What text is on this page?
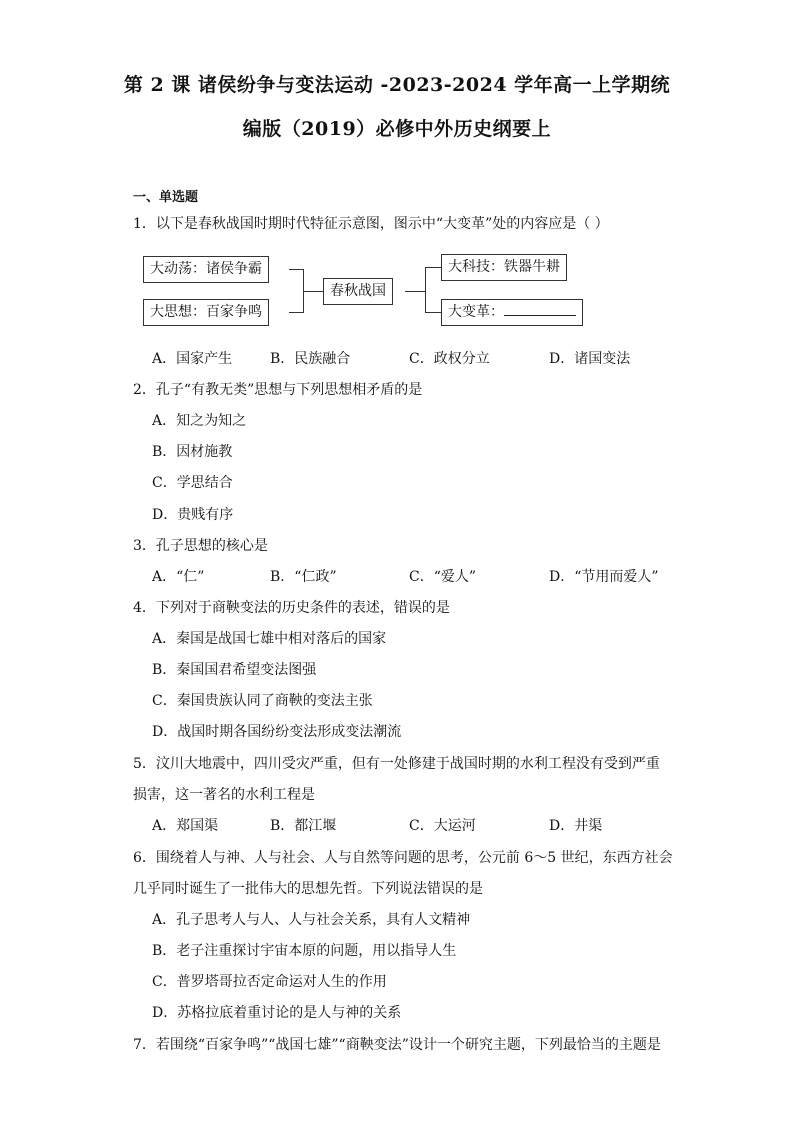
第 2 课 诸侯纷争与变法运动 -2023-2024 学年高一上学期统
编版（2019）必修中外历史纲要上
一、单选题
1．以下是春秋战国时期时代特征示意图，图示中“大变革”处的内容应是（ ）
大动荡：诸侯争霸
大思想：百家争鸣
春秋战国
大科技：铁器牛耕
大变革：
A．国家产生	B．民族融合	C．政权分立	D．诸国变法
2．孔子“有教无类”思想与下列思想相矛盾的是
A．知之为知之
B．因材施教
C．学思结合
D．贵贱有序
3．孔子思想的核心是
A．“仁”	B．“仁政”	C．“爱人”	D．“节用而爱人”
4．下列对于商鞅变法的历史条件的表述，错误的是
A．秦国是战国七雄中相对落后的国家
B．秦国国君希望变法图强
C．秦国贵族认同了商鞅的变法主张
D．战国时期各国纷纷变法形成变法潮流
5．汶川大地震中，四川受灾严重，但有一处修建于战国时期的水利工程没有受到严重
损害，这一著名的水利工程是
A．郑国渠	B．都江堰	C．大运河	D．井渠
6．围绕着人与神、人与社会、人与自然等问题的思考，公元前 6～5 世纪，东西方社会
几乎同时诞生了一批伟大的思想先哲。下列说法错误的是
A．孔子思考人与人、人与社会关系，具有人文精神
B．老子注重探讨宇宙本原的问题，用以指导人生
C．普罗塔哥拉否定命运对人生的作用
D．苏格拉底着重讨论的是人与神的关系
7．若围绕“百家争鸣”“战国七雄”“商鞅变法”设计一个研究主题，下列最恰当的主题是
